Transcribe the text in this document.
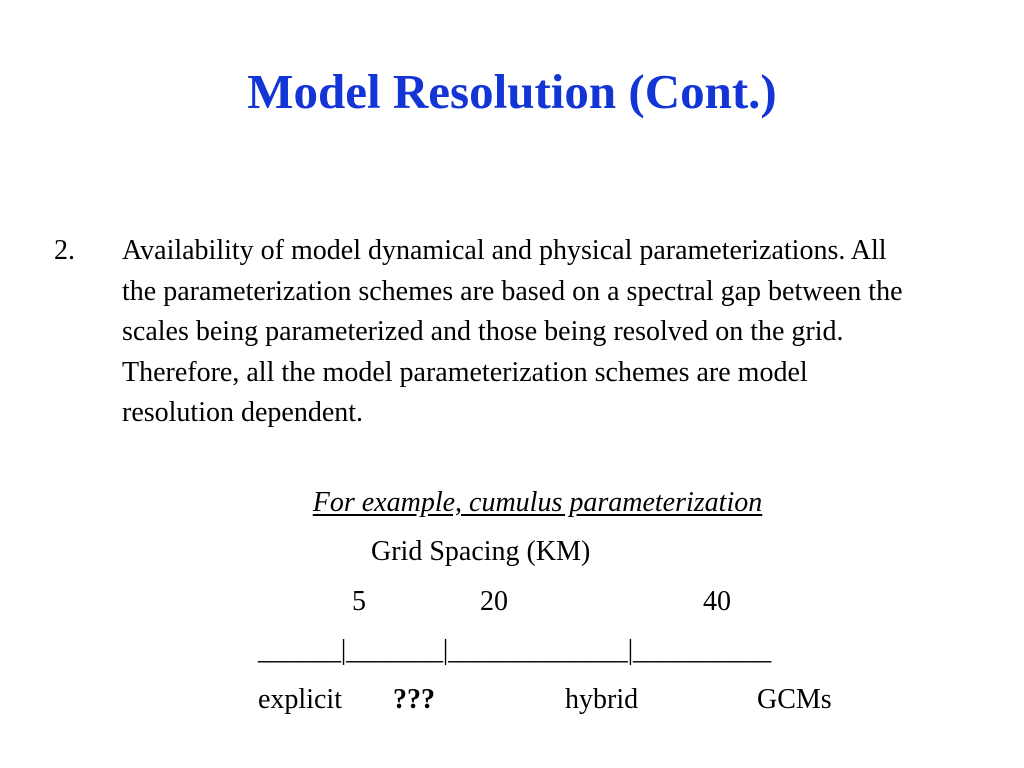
Model Resolution (Cont.)
2. Availability of model dynamical and physical parameterizations. All the parameterization schemes are based on a spectral gap between the scales being parameterized and those being resolved on the grid. Therefore, all the model parameterization schemes are model resolution dependent.
For example, cumulus parameterization
Grid Spacing (KM)
5	20	40
______|_______|_____________|__________
explicit ???	hybrid	GCMs
